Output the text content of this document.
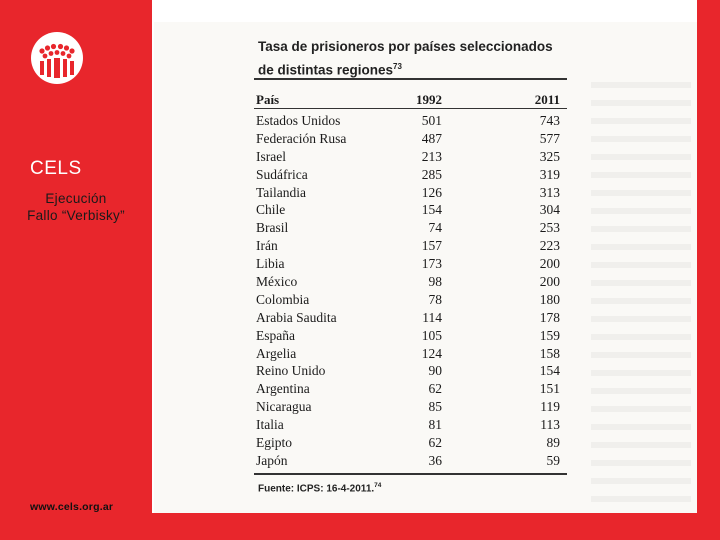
CELS
Ejecución
Fallo “Verbisky”
www.cels.org.ar
Tasa de prisioneros por países seleccionados
de distintas regiones$^{73}$
País	1992	2011
Estados Unidos	501	743
Federación Rusa	487	577
Israel	213	325
Sudáfrica	285	319
Tailandia	126	313
Chile	154	304
Brasil	74	253
Irán	157	223
Libia	173	200
México	98	200
Colombia	78	180
Arabia Saudita	114	178
España	105	159
Argelia	124	158
Reino Unido	90	154
Argentina	62	151
Nicaragua	85	119
Italia	81	113
Egipto	62	89
Japón	36	59
Fuente: ICPS: 16-4-2011.74
